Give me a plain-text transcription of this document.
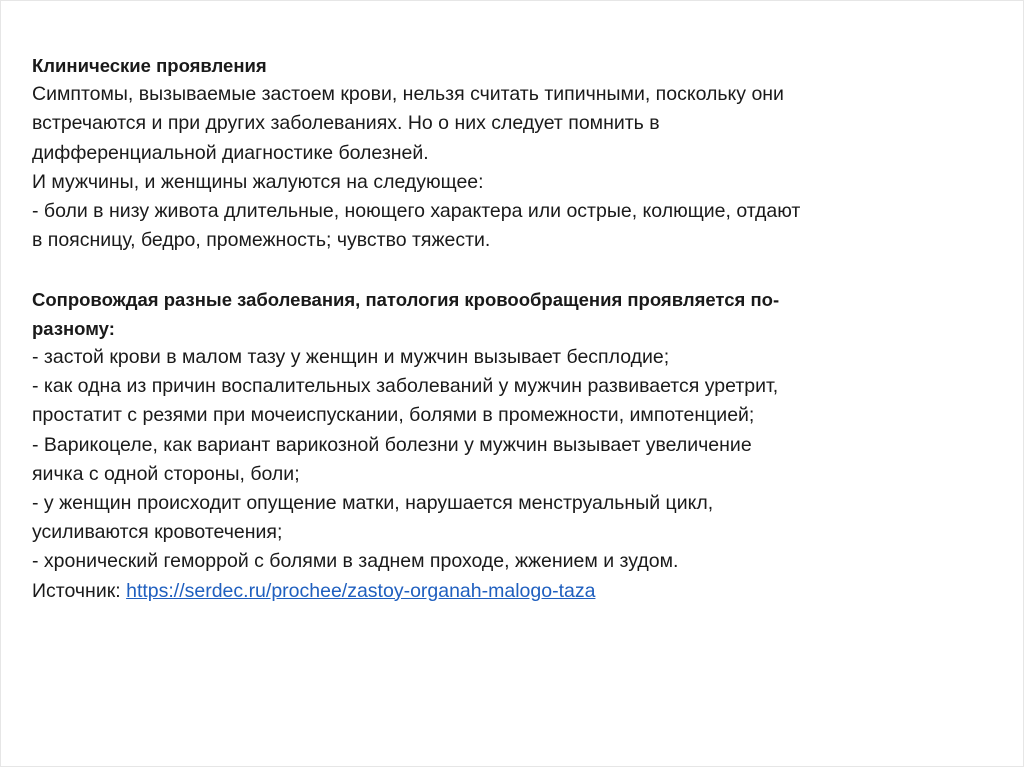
Клинические проявления
Симптомы, вызываемые застоем крови, нельзя считать типичными, поскольку они
встречаются и при других заболеваниях. Но о них следует помнить в
дифференциальной диагностике болезней.
И мужчины, и женщины жалуются на следующее:
- боли в низу живота длительные, ноющего характера или острые, колющие, отдают
в поясницу, бедро, промежность; чувство тяжести.
Сопровождая разные заболевания, патология кровообращения проявляется по-
разному:
- застой крови в малом тазу у женщин и мужчин вызывает бесплодие;
- как одна из причин воспалительных заболеваний у мужчин развивается уретрит,
простатит с резями при мочеиспускании, болями в промежности, импотенцией;
- Варикоцеле, как вариант варикозной болезни у мужчин вызывает увеличение
яичка с одной стороны, боли;
- у женщин происходит опущение матки, нарушается менструальный цикл,
усиливаются кровотечения;
- хронический геморрой с болями в заднем проходе, жжением и зудом.
Источник: https://serdec.ru/prochee/zastoy-organah-malogo-taza
